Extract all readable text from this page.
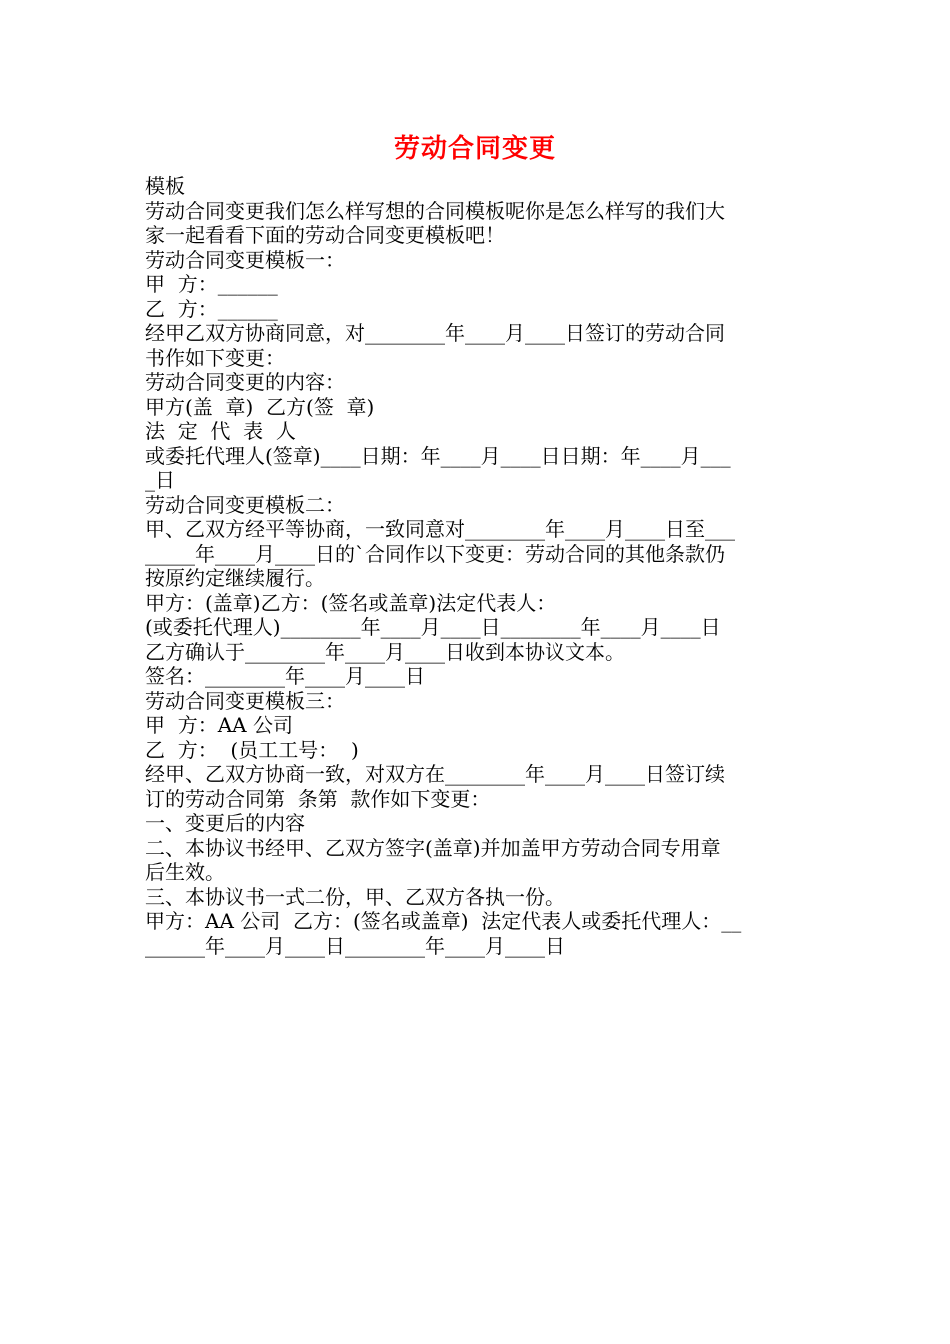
劳动合同变更
模板
劳动合同变更我们怎么样写想的合同模板呢你是怎么样写的我们大
家一起看看下面的劳动合同变更模板吧！
劳动合同变更模板一：
甲  方：______
乙  方：______
经甲乙双方协商同意，对________年____月____日签订的劳动合同
书作如下变更：
劳动合同变更的内容：
甲方(盖  章)  乙方(签  章)
法  定  代  表  人
或委托代理人(签章)____日期：年____月____日日期：年____月___
_日
劳动合同变更模板二：
甲、乙双方经平等协商，一致同意对________年____月____日至___
_____年____月____日的`合同作以下变更：劳动合同的其他条款仍
按原约定继续履行。
甲方：(盖章)乙方：(签名或盖章)法定代表人：
(或委托代理人)________年____月____日________年____月____日
乙方确认于________年____月____日收到本协议文本。
签名：________年____月____日
劳动合同变更模板三：
甲  方：AA 公司
乙  方：  (员工工号：  )
经甲、乙双方协商一致，对双方在________年____月____日签订续
订的劳动合同第  条第  款作如下变更：
一、变更后的内容
二、本协议书经甲、乙双方签字(盖章)并加盖甲方劳动合同专用章
后生效。
三、本协议书一式二份，甲、乙双方各执一份。
甲方：AA 公司  乙方：(签名或盖章)  法定代表人或委托代理人：__
______年____月____日________年____月____日
